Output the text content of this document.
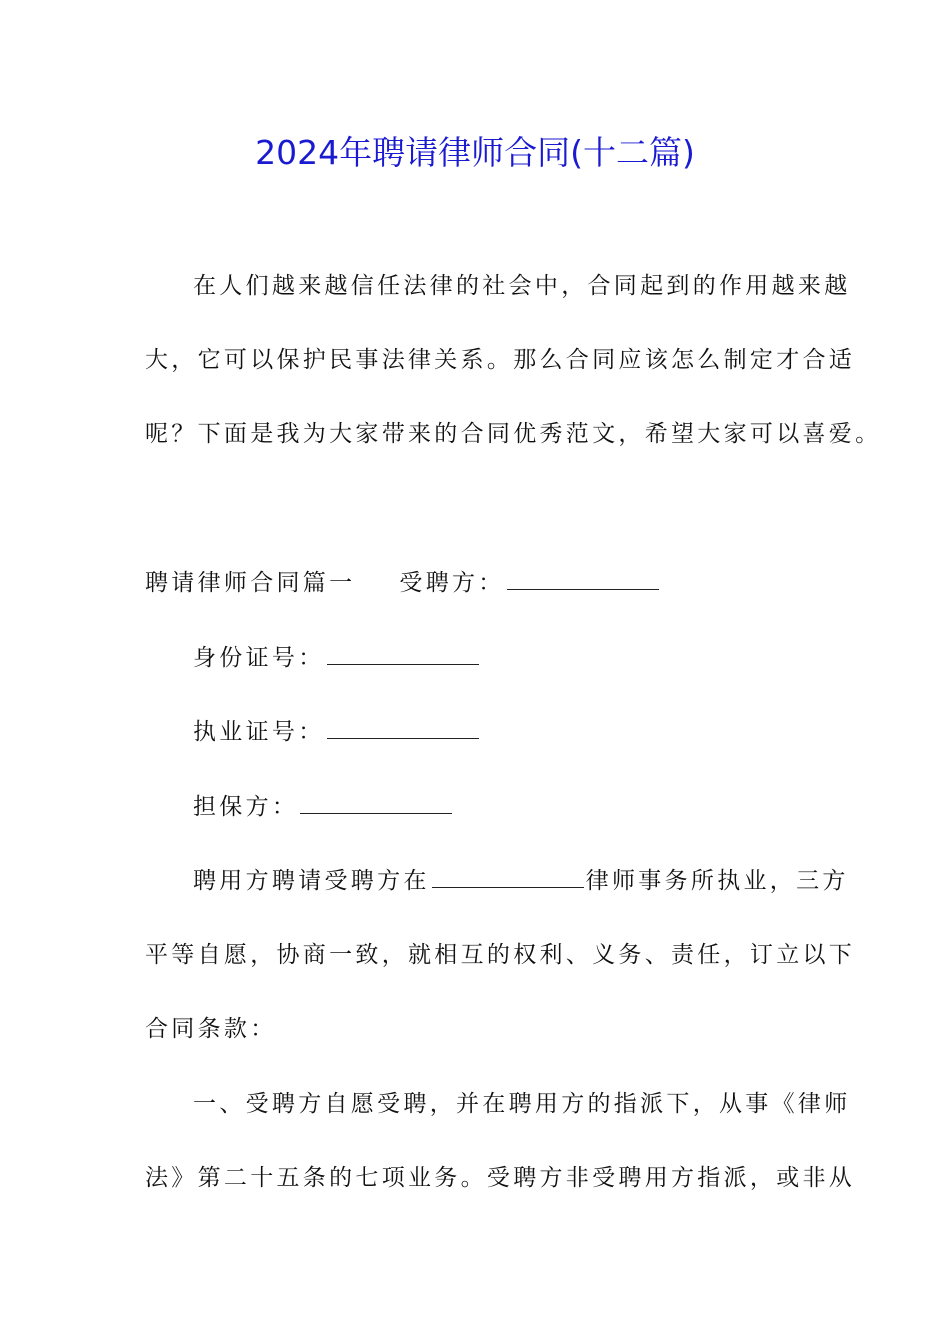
2024年聘请律师合同(十二篇)
在人们越来越信任法律的社会中，合同起到的作用越来越
大，它可以保护民事法律关系。那么合同应该怎么制定才合适
呢？下面是我为大家带来的合同优秀范文，希望大家可以喜爱。
聘请律师合同篇一 受聘方：
身份证号：
执业证号：
担保方：
聘用方聘请受聘方在	律师事务所执业，三方
平等自愿，协商一致，就相互的权利、义务、责任，订立以下
合同条款：
一、受聘方自愿受聘，并在聘用方的指派下，从事《律师
法》第二十五条的七项业务。受聘方非受聘用方指派，或非从
